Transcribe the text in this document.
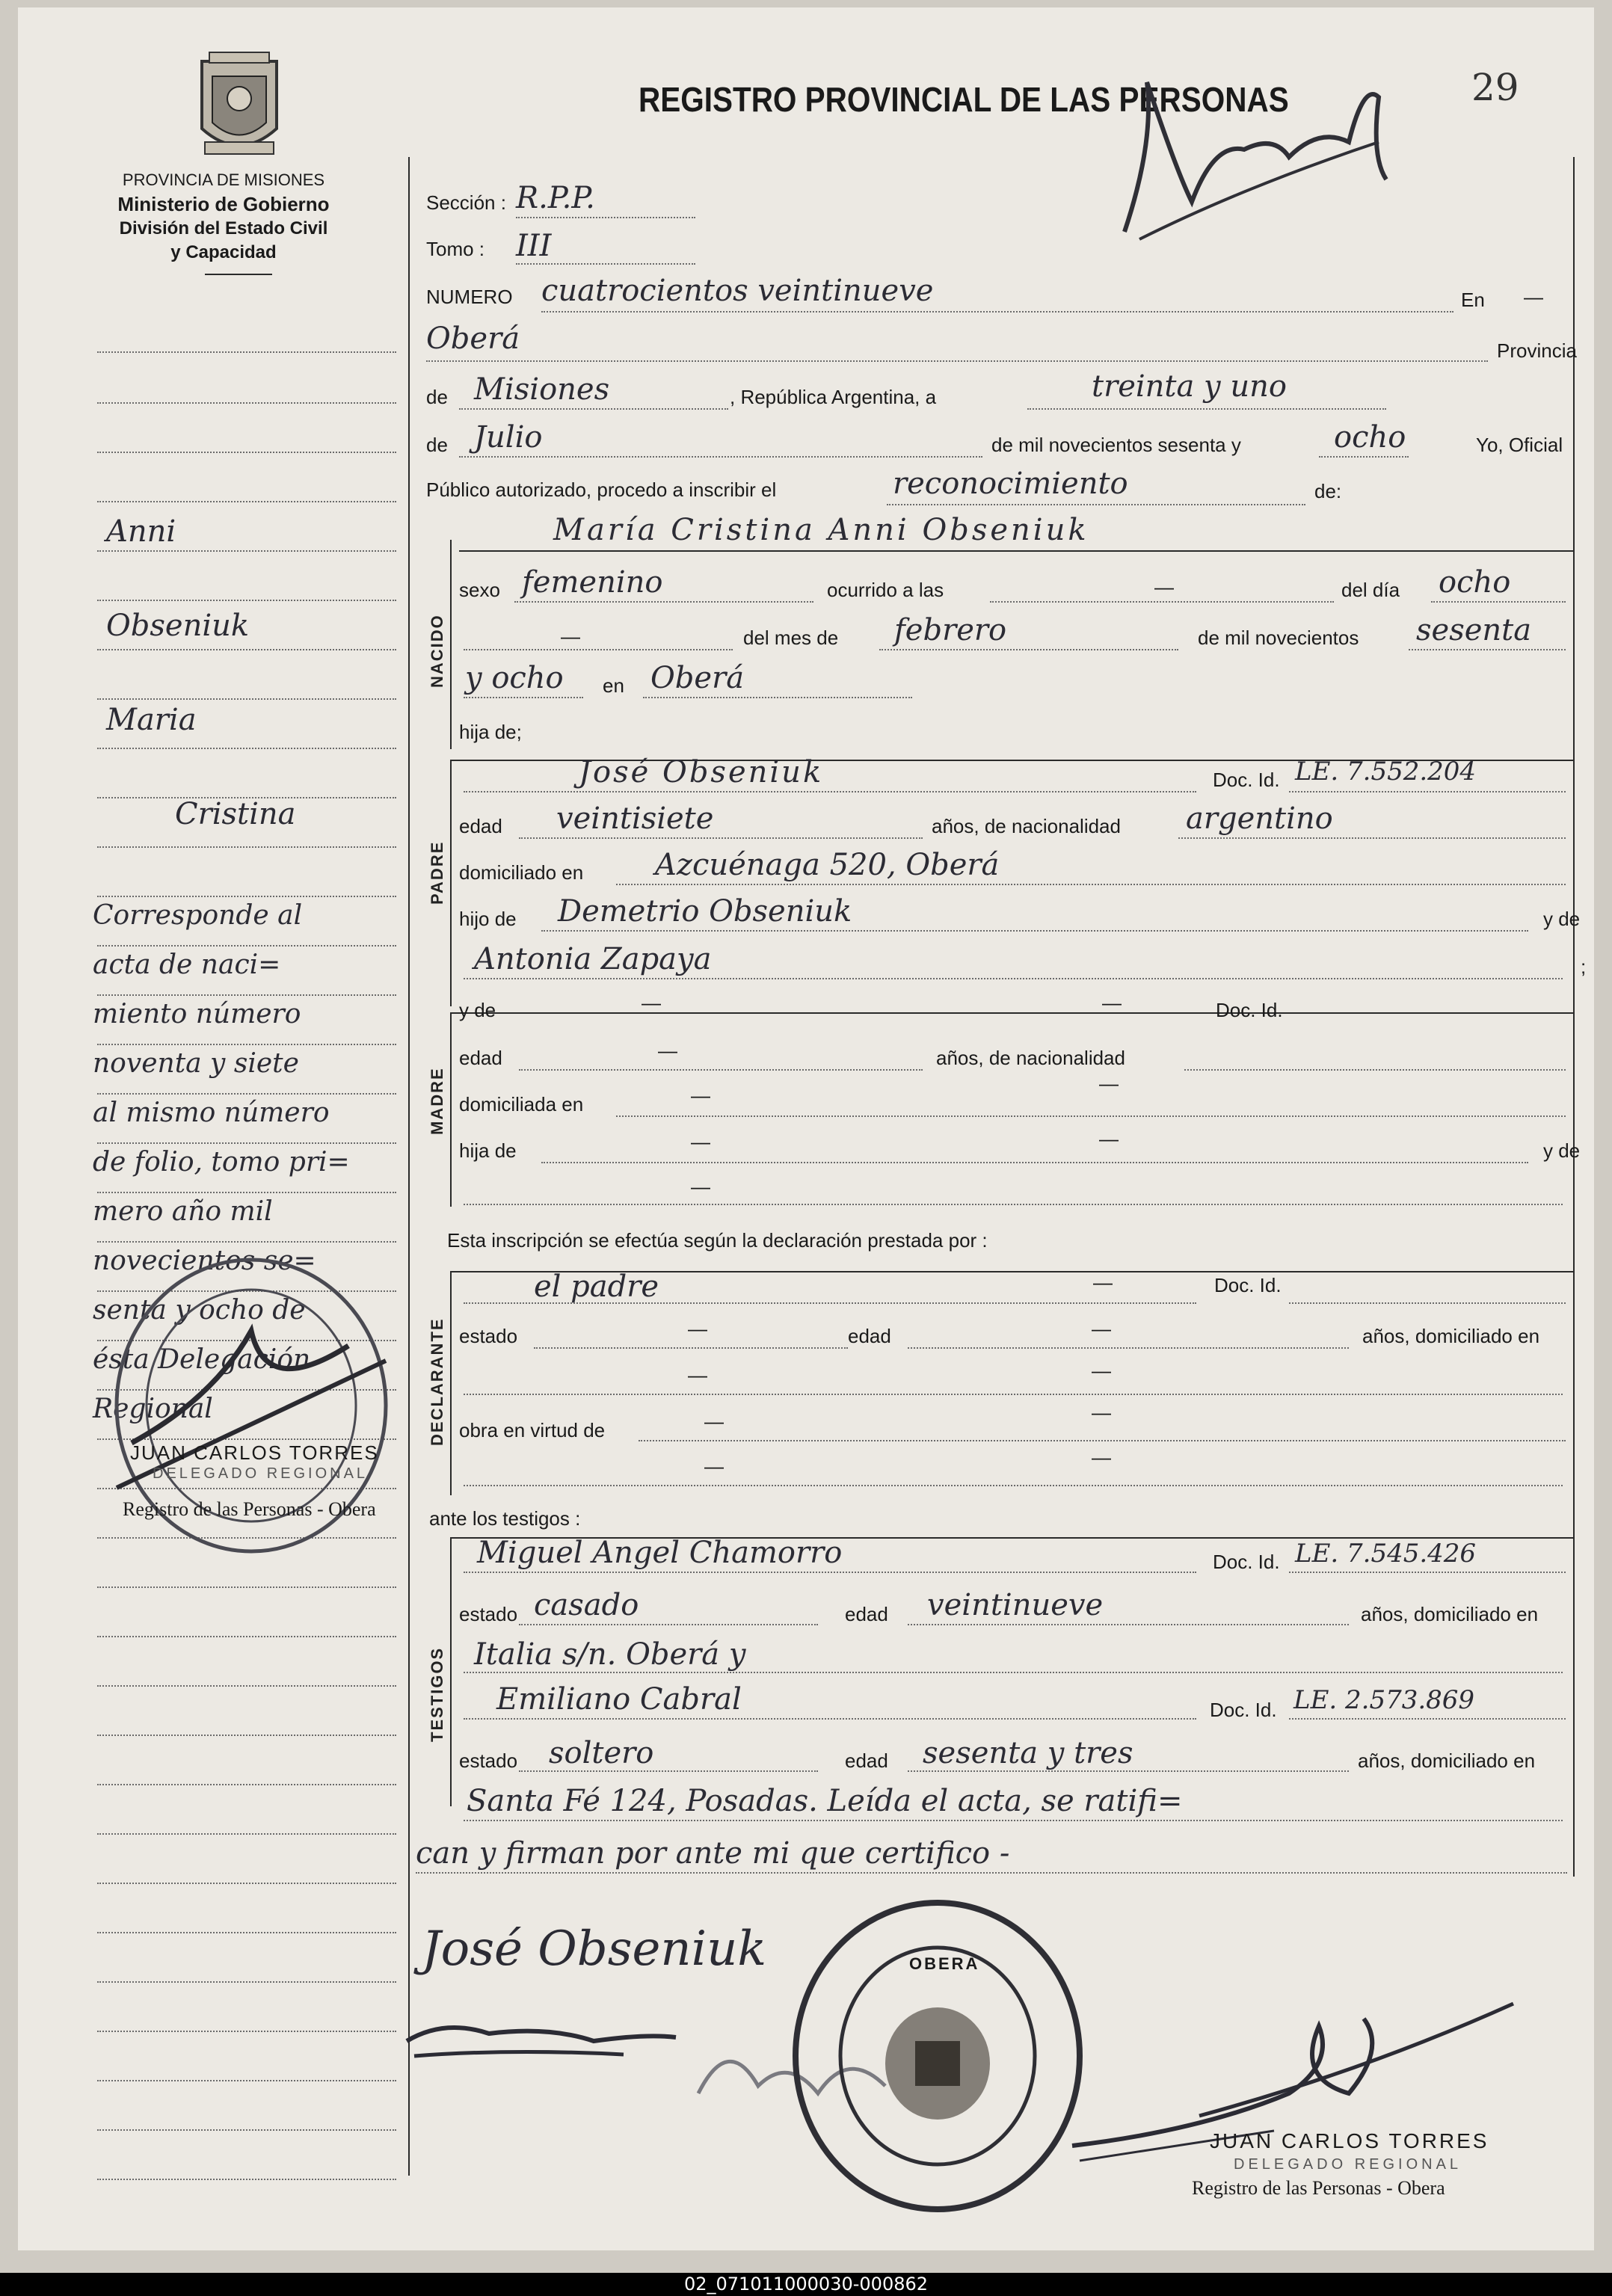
PROVINCIA DE MISIONES
Ministerio de Gobierno
División del Estado Civil
y Capacidad
REGISTRO PROVINCIAL DE LAS PERSONAS	29
Anni
Obseniuk
Maria
Cristina
Corresponde al
acta de naci=
miento número
noventa y siete
al mismo número
de folio, tomo pri=
mero año mil
novecientos se=
senta y ocho de
ésta Delegación
Regional
JUAN CARLOS TORRES
DELEGADO REGIONAL
Registro de las Personas - Obera
Sección : R.P.P.
Tomo : III
NUMERO cuatrocientos veintinueve	En —
Oberá	Provincia
de Misiones	, República Argentina, a	treinta y uno
de Julio	de mil novecientos sesenta y	ocho	Yo, Oficial
Público autorizado, procedo a inscribir el	reconocimiento	de:
María Cristina Anni Obseniuk
NACIDO
sexo femenino	ocurrido a las	—	del día ocho
—	del mes de febrero	de mil novecientos sesenta
y ocho en Oberá
hija de;
PADRE
José Obseniuk	Doc. Id. LE. 7.552.204
edad veintisiete	años, de nacionalidad argentino
domiciliado en Azcuénaga 520, Oberá
hijo de Demetrio Obseniuk	y de
Antonia Zapaya	;
MADRE
y de	—	—	Doc. Id.
edad	—	años, de nacionalidad
domiciliada en	—
—
hija de	—	—
y de
—
Esta inscripción se efectúa según la declaración prestada por :
DECLARANTE
el padre	—	Doc. Id.
estado	—	edad	—	años, domiciliado en
—	—
obra en virtud de	—	—
—	—
ante los testigos :
TESTIGOS
Miguel Angel Chamorro	Doc. Id. LE. 7.545.426
estado casado	edad veintinueve	años, domiciliado en
Italia s/n. Oberá y
Emiliano Cabral	Doc. Id. LE. 2.573.869
estado soltero	edad sesenta y tres	años, domiciliado en
Santa Fé 124, Posadas. Leída el acta, se ratifi=
can y firman por ante mi que certifico -
José Obseniuk	OBERA
JUAN CARLOS TORRES
DELEGADO REGIONAL
Registro de las Personas - Obera
02_071011000030-000862
